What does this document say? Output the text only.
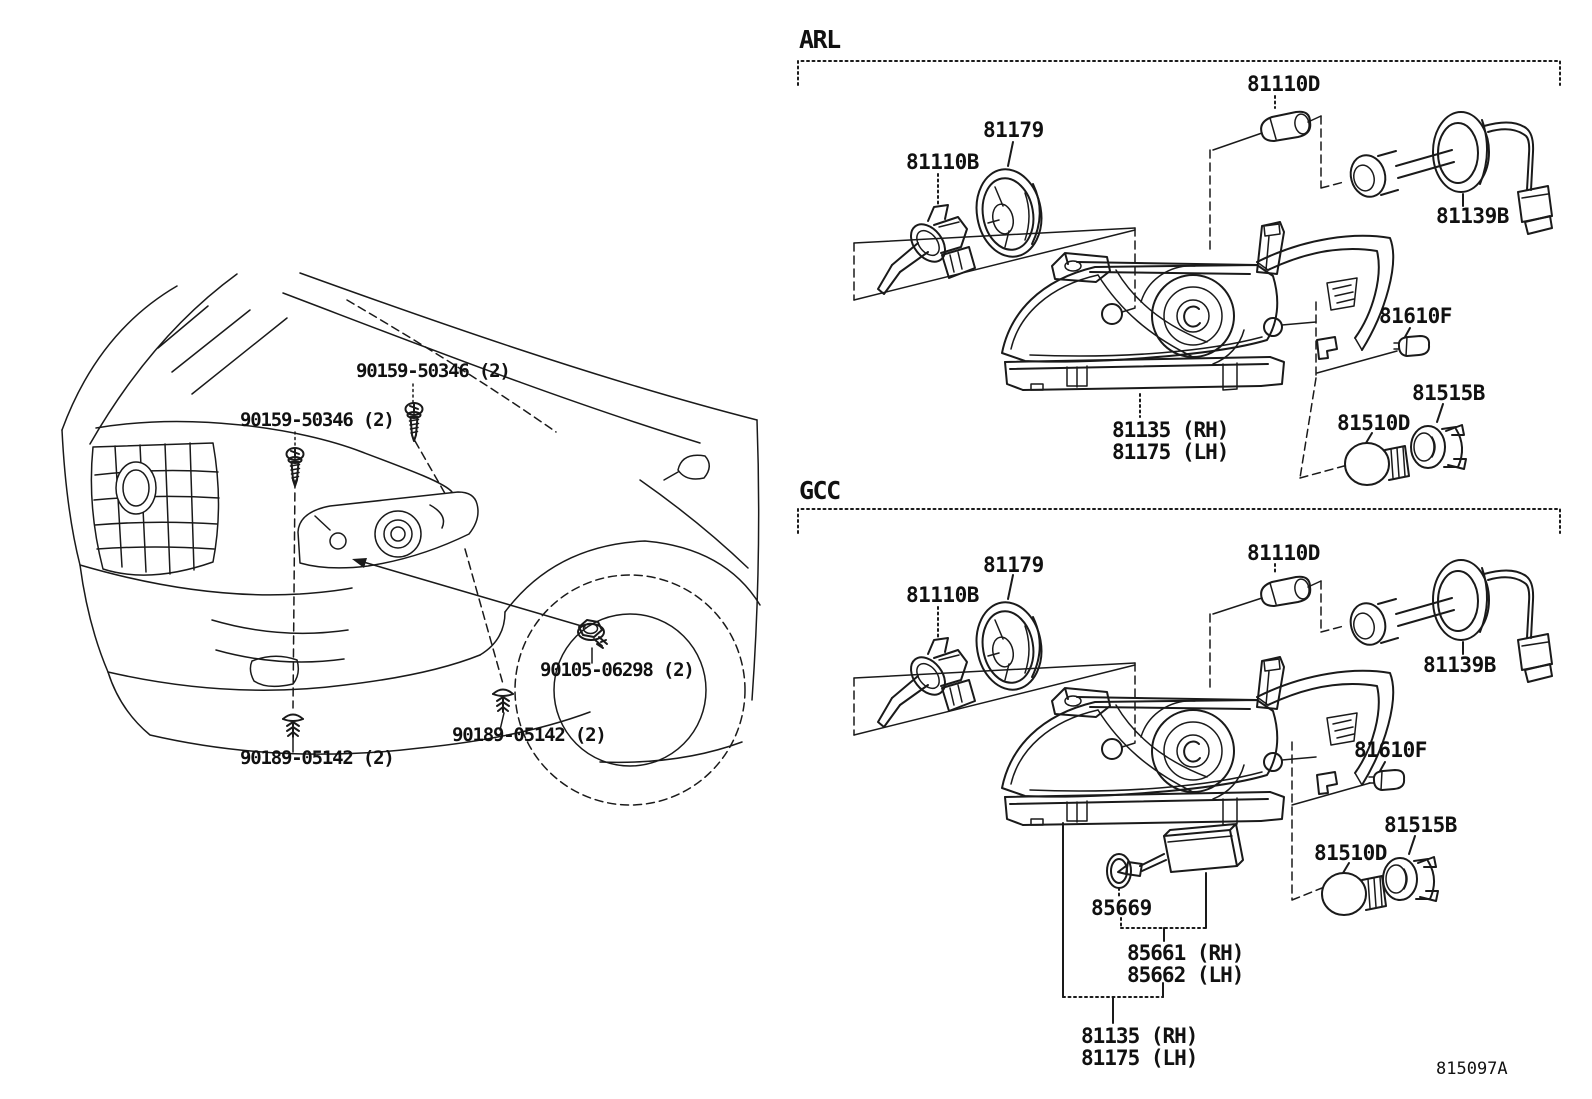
ARL
GCC
90159-50346 (2)
90159-50346 (2)
90105-06298 (2)
90189-05142 (2)
90189-05142 (2)
81110D
81179
81110B
81139B
81610F
81515B
81510D
81135 (RH)
81175 (LH)
81110D
81179
81110B
81139B
81610F
81515B
81510D
85669
85661 (RH)
85662 (LH)
81135 (RH)
81175 (LH)	815097A
